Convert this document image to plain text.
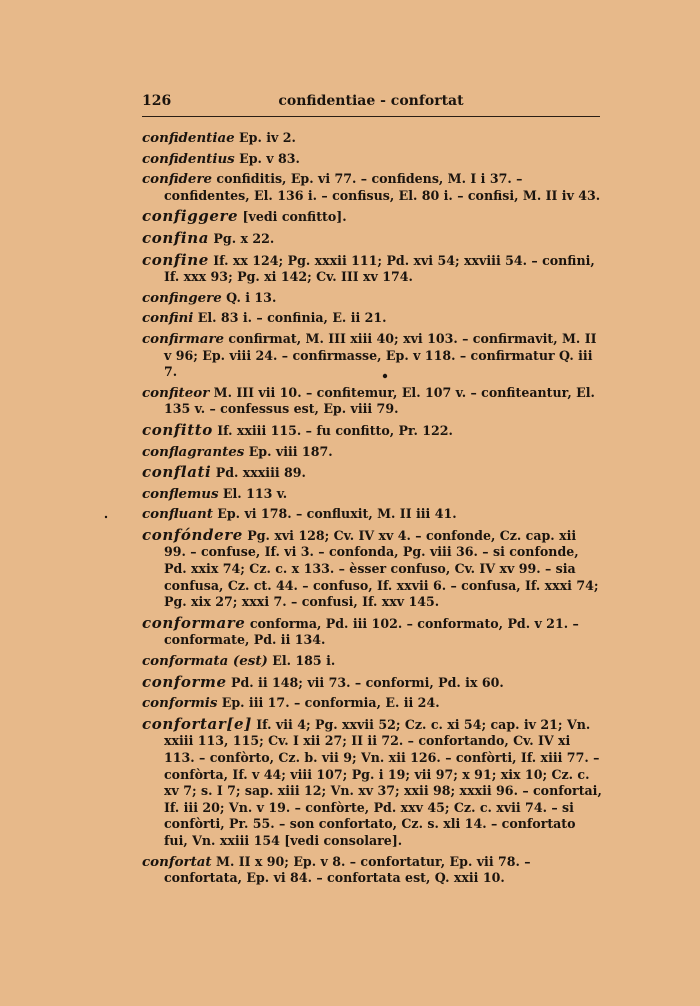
126	confidentiae - confortat

confidentiae Ep. iv 2.

confidentius Ep. v 83.

confidere confiditis, Ep. vi 77. – confidens, M. I i 37. – confidentes, El. 136 i. – confisus, El. 80 i. – confisi, M. II iv 43.

configgere [vedi confitto].

confina Pg. x 22.

confine If. xx 124; Pg. xxxii 111; Pd. xvi 54; xxviii 54. – confini, If. xxx 93; Pg. xi 142; Cv. III xv 174.

confingere Q. i 13.

confini El. 83 i. – confinia, E. ii 21.

confirmare confirmat, M. III xiii 40; xvi 103. – confirmavit, M. II v 96; Ep. viii 24. – confirmasse, Ep. v 118. – confirmatur Q. iii 7.

confiteor M. III vii 10. – confitemur, El. 107 v. – confiteantur, El. 135 v. – confessus est, Ep. viii 79.

confitto If. xxiii 115. – fu confitto, Pr. 122.

conflagrantes Ep. viii 187.

conflati Pd. xxxiii 89.

conflemus El. 113 v.

confluant Ep. vi 178. – confluxit, M. II iii 41.

confóndere Pg. xvi 128; Cv. IV xv 4. – confonde, Cz. cap. xii 99. – confuse, If. vi 3. – confonda, Pg. viii 36. – si confonde, Pd. xxix 74; Cz. c. x 133. – èsser confuso, Cv. IV xv 99. – sia confusa, Cz. ct. 44. – confuso, If. xxvii 6. – confusa, If. xxxi 74; Pg. xix 27; xxxi 7. – confusi, If. xxv 145.

conformare conforma, Pd. iii 102. – conformato, Pd. v 21. – conformate, Pd. ii 134.

conformata (est) El. 185 i.

conforme Pd. ii 148; vii 73. – conformi, Pd. ix 60.

conformis Ep. iii 17. – conformia, E. ii 24.

confortar[e] If. vii 4; Pg. xxvii 52; Cz. c. xi 54; cap. iv 21; Vn. xxiii 113, 115; Cv. I xii 27; II ii 72. – confortando, Cv. IV xi 113. – confòrto, Cz. b. vii 9; Vn. xii 126. – confòrti, If. xiii 77. – confòrta, If. v 44; viii 107; Pg. i 19; vii 97; x 91; xix 10; Cz. c. xv 7; s. I 7; sap. xiii 12; Vn. xv 37; xxii 98; xxxii 96. – confortai, If. iii 20; Vn. v 19. – confòrte, Pd. xxv 45; Cz. c. xvii 74. – si confòrti, Pr. 55. – son confortato, Cz. s. xli 14. – confortato fui, Vn. xxiii 154 [vedi consolare].

confortat M. II x 90; Ep. v 8. – confortatur, Ep. vii 78. – confortata, Ep. vi 84. – confortata est, Q. xxii 10.
